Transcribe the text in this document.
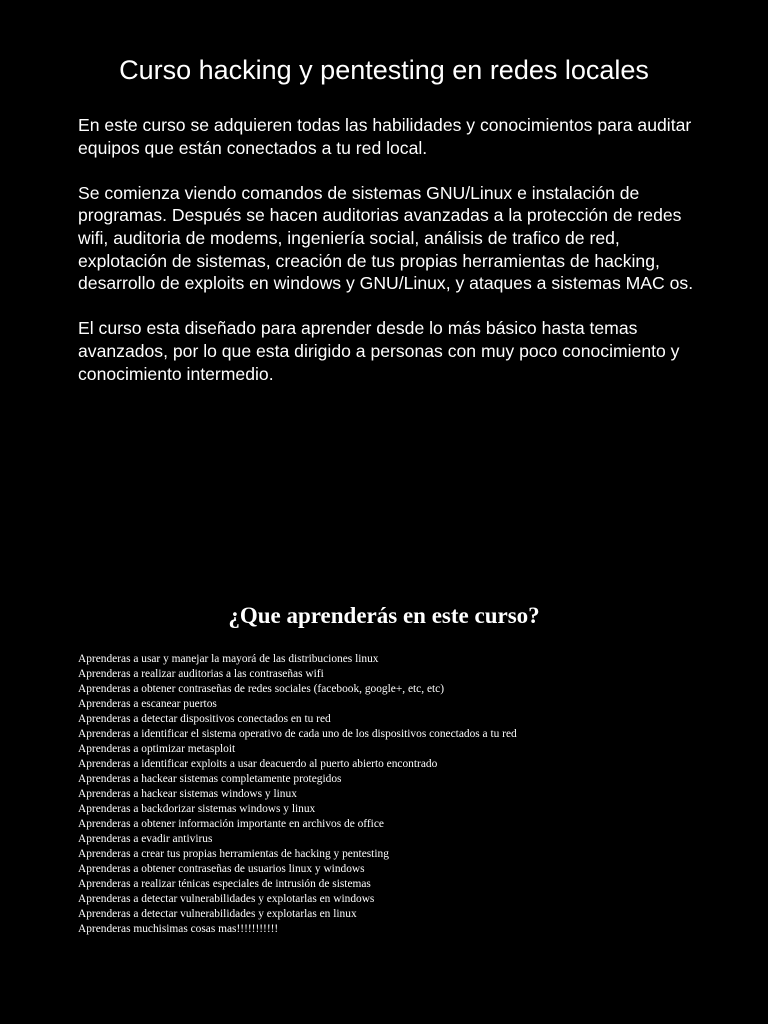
Curso hacking y pentesting en redes locales

En este curso se adquieren todas las habilidades y conocimientos para auditar equipos que están conectados a tu red local.

Se comienza viendo comandos de sistemas GNU/Linux e instalación de programas. Después se hacen auditorias avanzadas a la protección de redes wifi, auditoria de modems, ingeniería social, análisis de trafico de red, explotación de sistemas, creación de tus propias herramientas de hacking, desarrollo de exploits en windows y GNU/Linux, y ataques a sistemas MAC os.

El curso esta diseñado para aprender desde lo más básico hasta temas avanzados, por lo que esta dirigido a personas con muy poco conocimiento y conocimiento intermedio.

¿Que aprenderás en este curso?
Aprenderas a usar y manejar la mayorá de las distribuciones linux
Aprenderas a realizar auditorias a las contraseñas wifi
Aprenderas a obtener contraseñas de redes sociales (facebook, google+, etc, etc)
Aprenderas a escanear puertos
Aprenderas a detectar dispositivos conectados en tu red
Aprenderas a identificar el sistema operativo de cada uno de los dispositivos conectados a tu red
Aprenderas a optimizar metasploit
Aprenderas a identificar exploits a usar deacuerdo al puerto abierto encontrado
Aprenderas a hackear sistemas completamente protegidos
Aprenderas a hackear sistemas windows y linux
Aprenderas a backdorizar sistemas windows y linux
Aprenderas a obtener información importante en archivos de office
Aprenderas a evadir antivirus
Aprenderas a crear tus propias herramientas de hacking y pentesting
Aprenderas a obtener contraseñas de usuarios linux y windows
Aprenderas a realizar ténicas especiales de intrusión de sistemas
Aprenderas a detectar vulnerabilidades y explotarlas en windows
Aprenderas a detectar vulnerabilidades y explotarlas en linux
Aprenderas muchisimas cosas mas!!!!!!!!!!!
